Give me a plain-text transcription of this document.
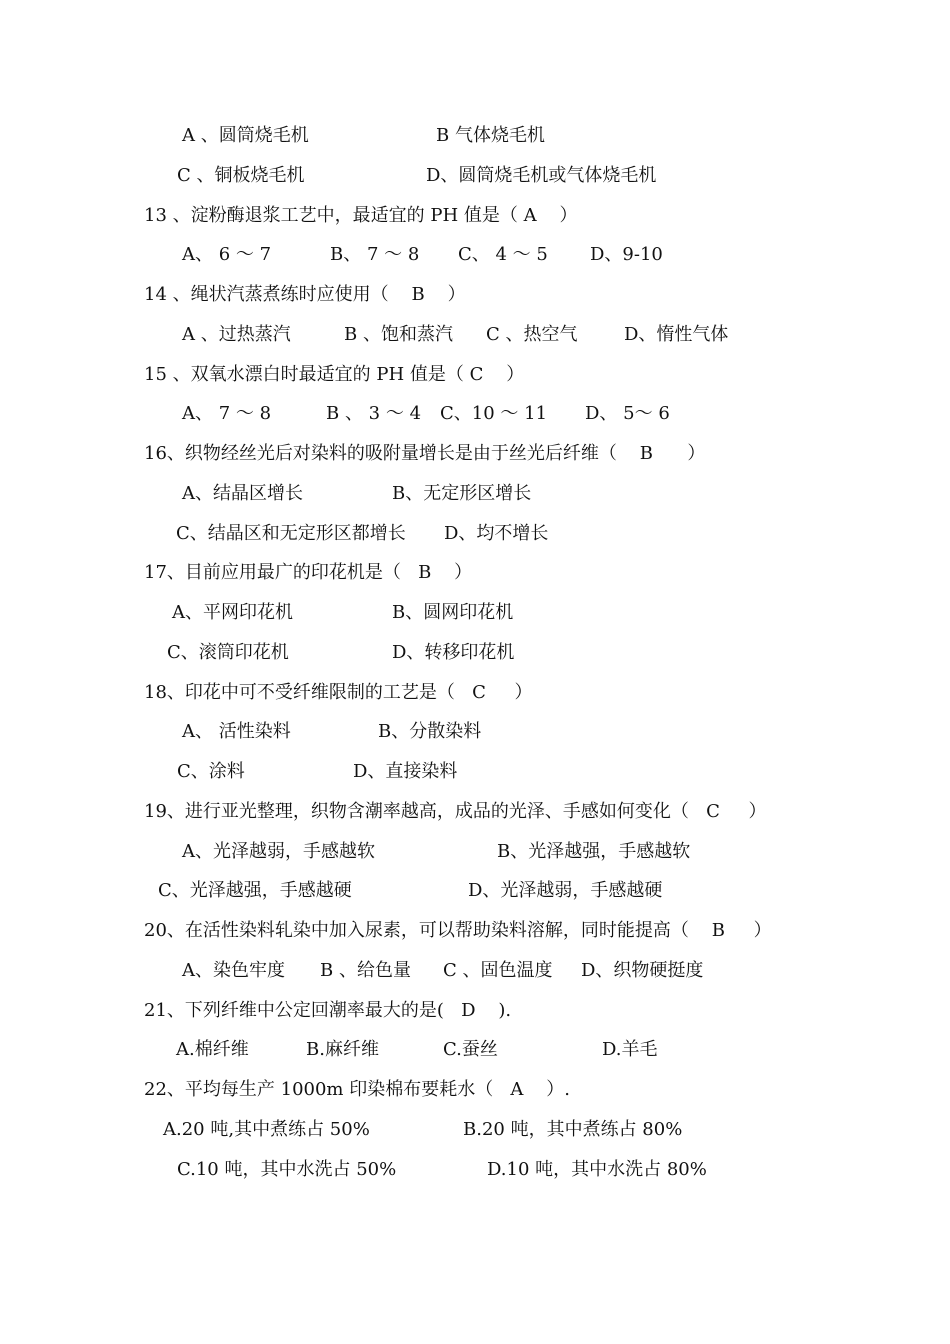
A 、圆筒烧毛机	B 气体烧毛机
C 、铜板烧毛机	D、圆筒烧毛机或气体烧毛机
13 、淀粉酶退浆工艺中，最适宜的 PH 值是（ A    ）
A、 6 ～ 7	B、 7 ～ 8 C、 4 ～ 5 D、9-10
14 、绳状汽蒸煮练时应使用（    B    ）
A 、过热蒸汽	B 、饱和蒸汽 C 、热空气	D、惰性气体
15 、双氧水漂白时最适宜的 PH 值是（ C    ）
A、 7 ～ 8	B 、 3 ～ 4 C、10 ～ 11 D、 5～ 6
16、织物经丝光后对染料的吸附量增长是由于丝光后纤维（    B      ）
A、结晶区增长	B、无定形区增长
C、结晶区和无定形区都增长 D、均不增长
17、目前应用最广的印花机是（   B    ）
A、平网印花机	B、圆网印花机
C、滚筒印花机	D、转移印花机
18、印花中可不受纤维限制的工艺是（   C     ）
A、 活性染料	B、分散染料
C、涂料	D、直接染料
19、进行亚光整理，织物含潮率越高，成品的光泽、手感如何变化（   C     ）
A、光泽越弱，手感越软	B、光泽越强，手感越软
C、光泽越强，手感越硬	D、光泽越弱，手感越硬
20、在活性染料轧染中加入尿素，可以帮助染料溶解，同时能提高（    B     ）
A、染色牢度 B 、给色量 C 、固色温度 D、织物硬挺度
21、下列纤维中公定回潮率最大的是(   D    ).
A.棉纤维	B.麻纤维	C.蚕丝	D.羊毛
22、平均每生产 1000m 印染棉布要耗水（   A    ）.
A.20 吨,其中煮练占 50%	B.20 吨，其中煮练占 80%
C.10 吨，其中水洗占 50%	D.10 吨，其中水洗占 80%
